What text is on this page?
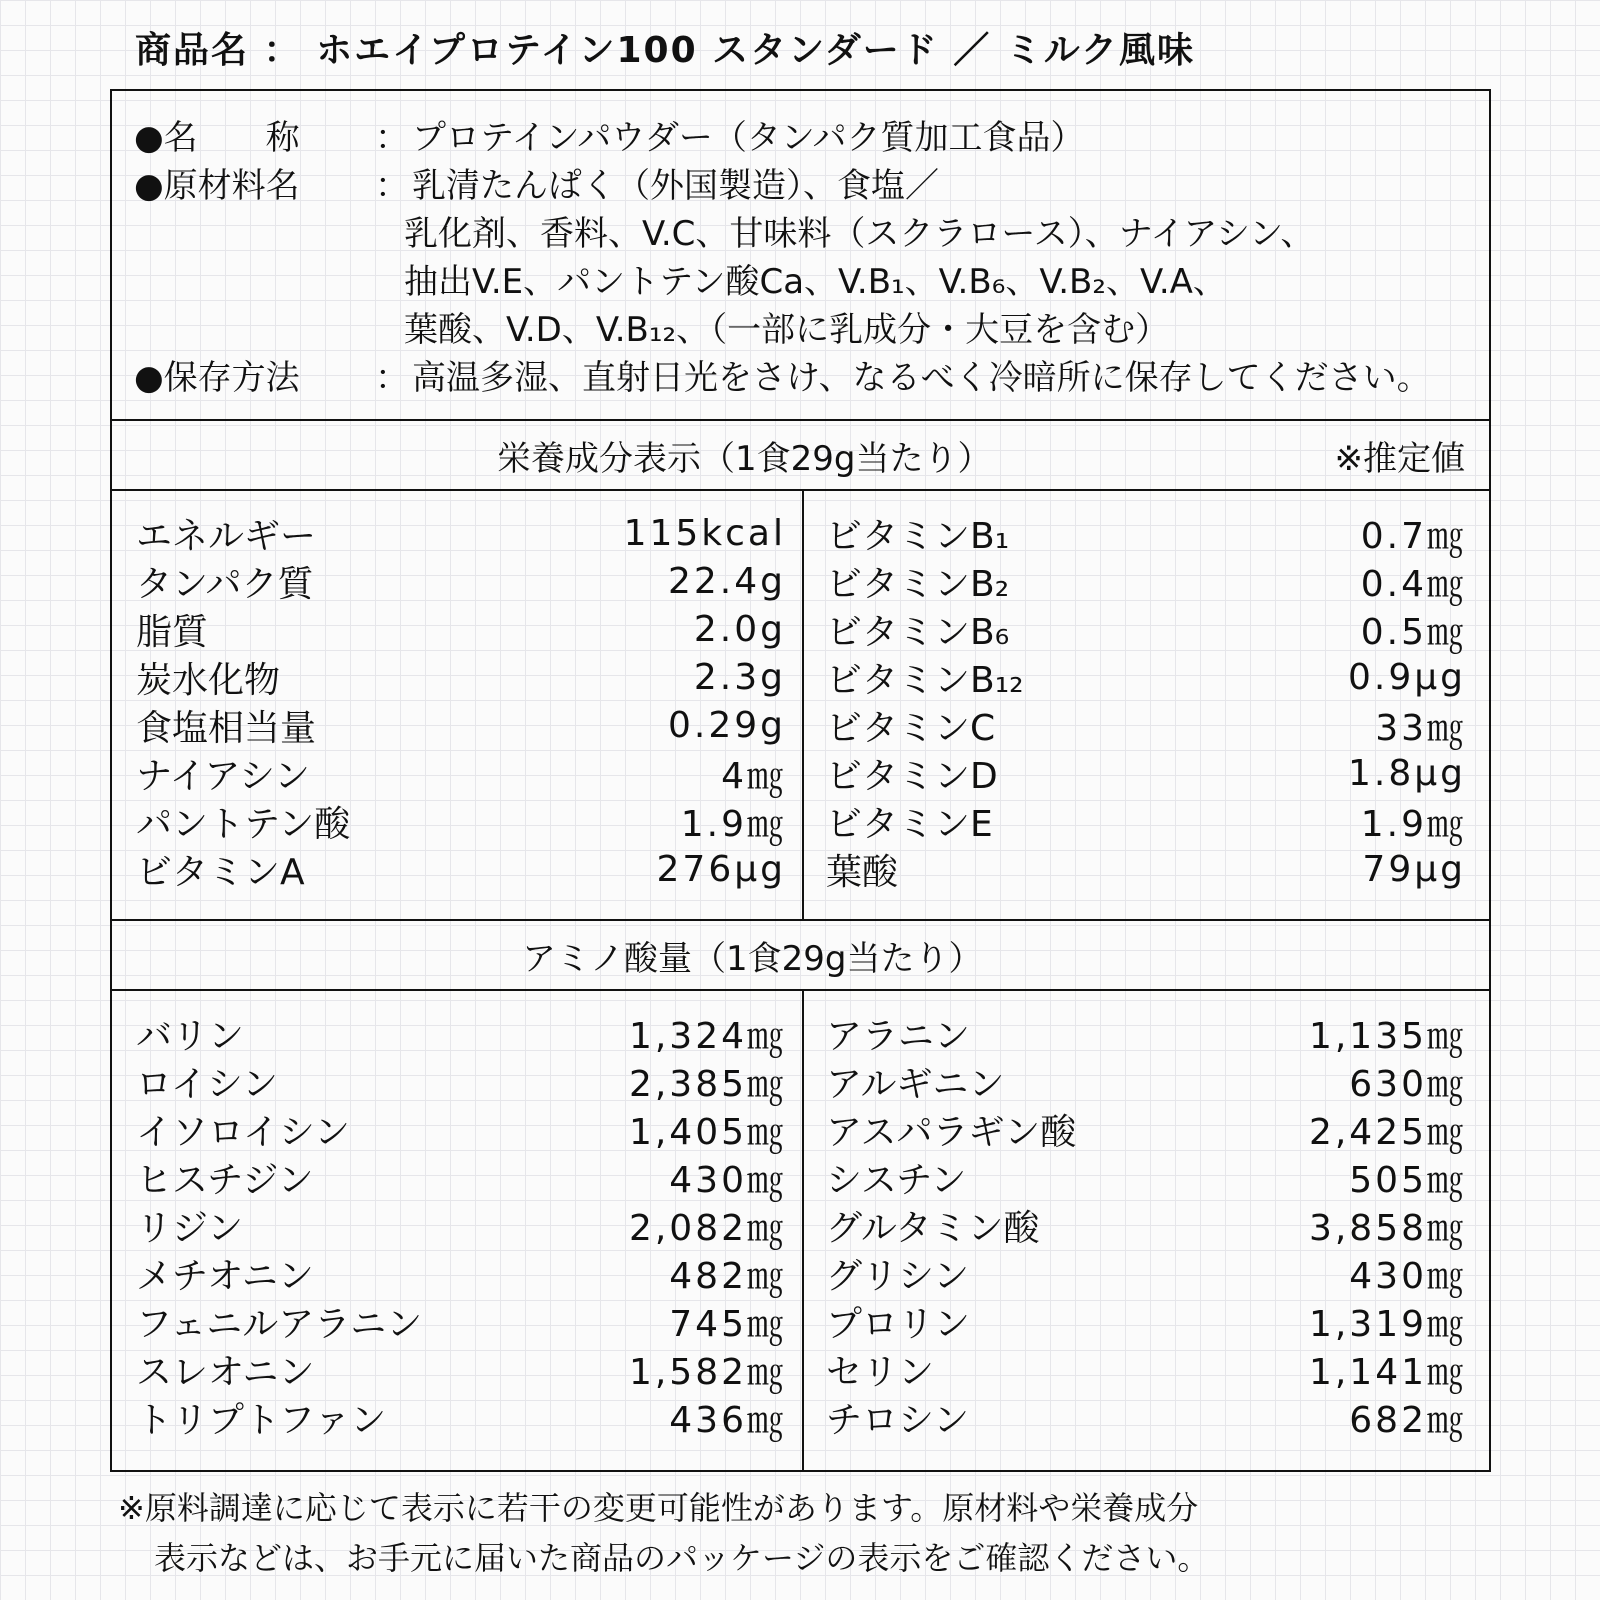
商品名 ： ホエイプロテイン100 スタンダード ／ ミルク風味
●名　　称 ：プロテインパウダー（タンパク質加工食品）
●原材料名 ：乳清たんぱく（外国製造）、食塩／
乳化剤、香料、V.C、甘味料（スクラロース）、ナイアシン、
抽出V.E、パントテン酸Ca、V.B₁、V.B₆、V.B₂、V.A、
葉酸、V.D、V.B₁₂、（一部に乳成分・大豆を含む）
●保存方法 ：高温多湿、直射日光をさけ、なるべく冷暗所に保存してください。
栄養成分表示（1食29g当たり）	※推定値
エネルギー	115kcal
タンパク質	22.4g
脂質	2.0g
炭水化物	2.3g
食塩相当量	0.29g
ナイアシン	4㎎
パントテン酸	1.9㎎
ビタミンA	276μg
ビタミンB₁	0.7㎎
ビタミンB₂	0.4㎎
ビタミンB₆	0.5㎎
ビタミンB₁₂	0.9μg
ビタミンC	33㎎
ビタミンD	1.8μg
ビタミンE	1.9㎎
葉酸	79μg
アミノ酸量（1食29g当たり）
バリン	1,324㎎
ロイシン	2,385㎎
イソロイシン	1,405㎎
ヒスチジン	430㎎
リジン	2,082㎎
メチオニン	482㎎
フェニルアラニン	745㎎
スレオニン	1,582㎎
トリプトファン	436㎎
アラニン	1,135㎎
アルギニン	630㎎
アスパラギン酸	2,425㎎
シスチン	505㎎
グルタミン酸	3,858㎎
グリシン	430㎎
プロリン	1,319㎎
セリン	1,141㎎
チロシン	682㎎
※原料調達に応じて表示に若干の変更可能性があります。原材料や栄養成分
表示などは、お手元に届いた商品のパッケージの表示をご確認ください。
